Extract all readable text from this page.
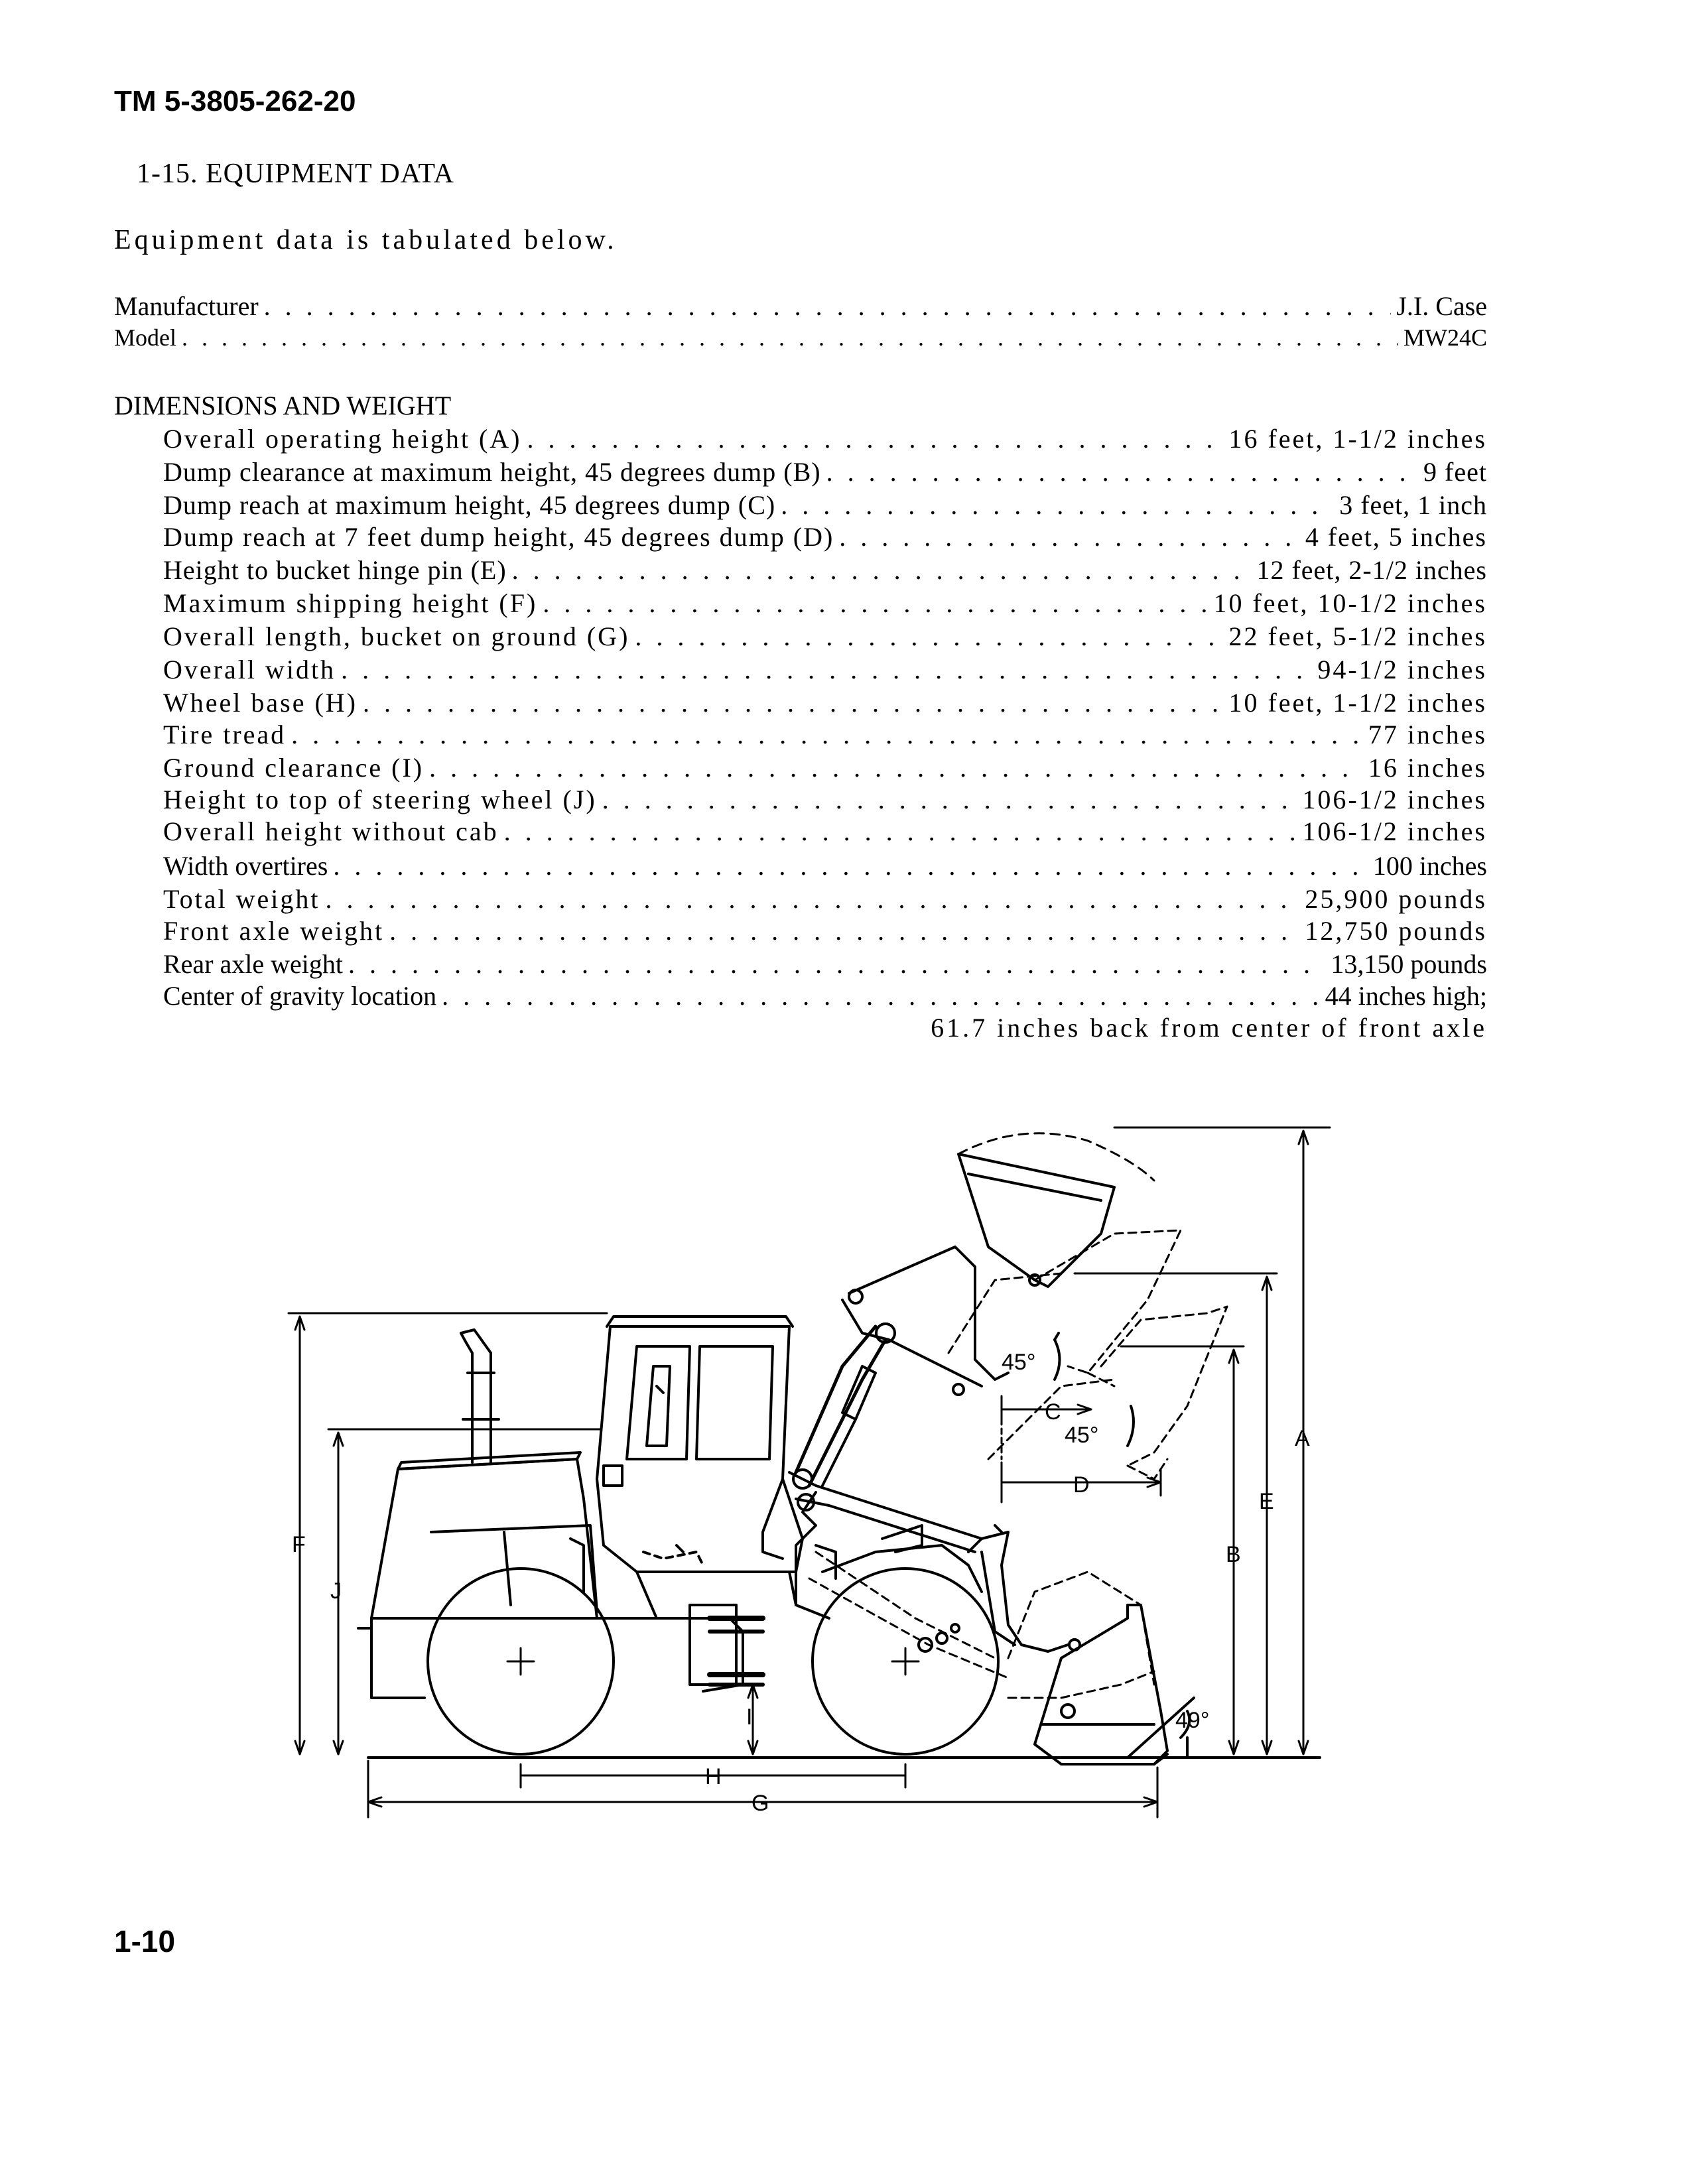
TM 5-3805-262-20
1-15. EQUIPMENT DATA
Equipment data is tabulated below.
Manufacturer . . .	J.I. Case
Model . . .	MW24C
DIMENSIONS AND WEIGHT
Overall operating height (A) . . .	16 feet, 1-1/2 inches
Dump clearance at maximum height, 45 degrees dump (B) . . .	9 feet
Dump reach at maximum height, 45 degrees dump (C) . . .	3 feet, 1 inch
Dump reach at 7 feet dump height, 45 degrees dump (D) . . .	4 feet, 5 inches
Height to bucket hinge pin (E) . . .	12 feet, 2-1/2 inches
Maximum shipping height (F) . . .	10 feet, 10-1/2 inches
Overall length, bucket on ground (G) . . .	22 feet, 5-1/2 inches
Overall width . . .	94-1/2 inches
Wheel base (H) . . .	10 feet, 1-1/2 inches
Tire tread . . .	77 inches
Ground clearance (I) . . .	16 inches
Height to top of steering wheel (J) . . .	106-1/2 inches
Overall height without cab . . .	106-1/2 inches
Width overtires . . .	100 inches
Total weight . . .	25,900 pounds
Front axle weight . . .	12,750 pounds
Rear axle weight . . .	13,150 pounds
Center of gravity location . . .	44 inches high;
61.7 inches back from center of front axle
A
E
B
C
D
F
J
I
H
G
45°
45°
49°
1-10
